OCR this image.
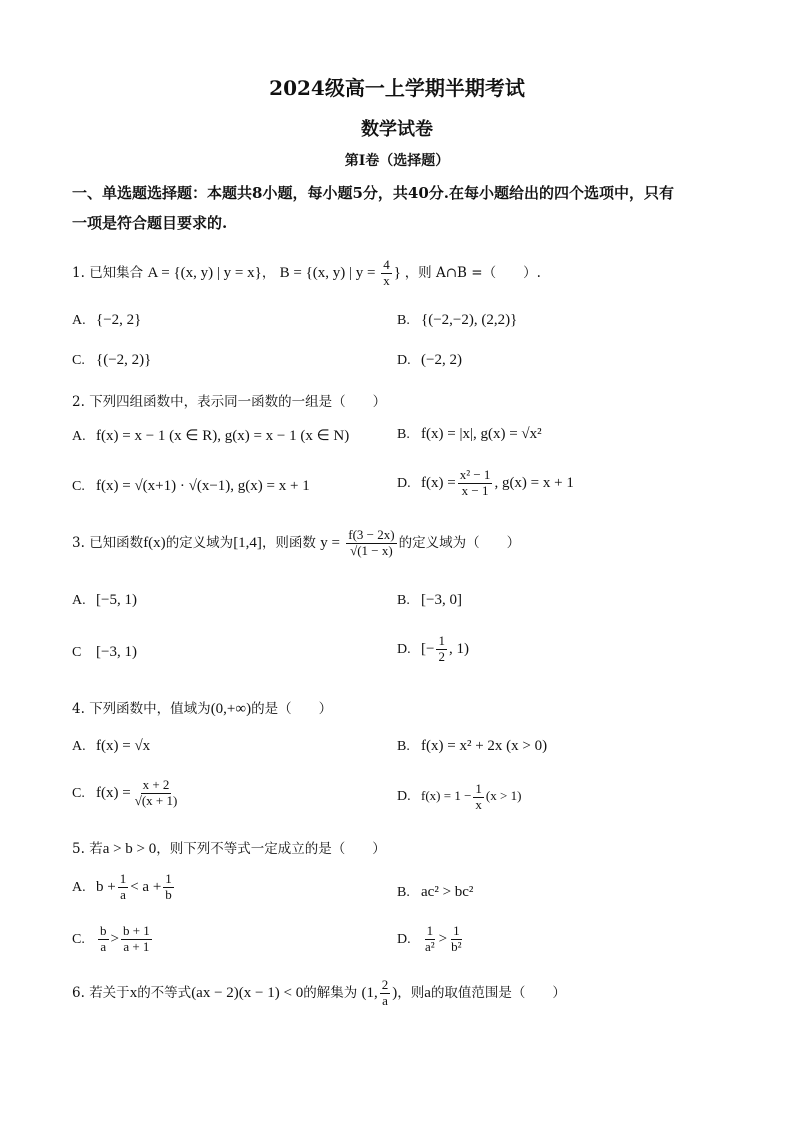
2024级高一上学期半期考试
数学试卷
第Ⅰ卷（选择题）
一、单选题选择题：本题共8小题，每小题5分，共40分.在每小题给出的四个选项中，只有
一项是符合题目要求的.
1. 已知集合 A = {(x, y) | y = x}， B = {(x, y) | $y = \frac{4}{x}$ } ，则 A∩B =（　　）.
A. {−2, 2}	B. {(−2,−2), (2,2)}
C. {(−2, 2)}	D. (−2, 2)
2. 下列四组函数中，表示同一函数的一组是（　　）
A. f(x) = x − 1 (x ∈ R), g(x) = x − 1 (x ∈ N)	B. f(x) = |x|, g(x) = √x²
C. f(x) = √(x+1) · √(x−1), g(x) = x + 1	D. $f(x) = \frac{\text{x² − 1}}{x - 1}$ , g(x) = x + 1
3. 已知函数f(x)的定义域为[1,4]，则函数 $y = \frac{f(3 - 2x)}{√(1 - x)}$ 的定义域为（　　）
A. [−5, 1)	B. [−3, 0]
C [−3, 1)	D. [− $\frac{1}{2}$ , 1)
4. 下列函数中，值域为(0,+∞)的是（　　）
A. f(x) = √x	B. f(x) = x² + 2x (x > 0)
C. $f(x) = \frac{x + 2}{√(x + 1)}$	D. $f(x) = 1 - \frac{1}{x} (x > 1)$
5. 若a > b > 0，则下列不等式一定成立的是（　　）
A. $b + \frac{1}{a} < a + \frac{1}{b}$	B. ac² > bc²
C. $\frac{b}{a} > \frac{b + 1}{a + 1}$	D. $\frac{1}{\text{a²}} > \frac{1}{\text{b²}}$
6. 若关于x的不等式(ax − 2)(x − 1) < 0的解集为 (1, $\frac{2}{a}$ )，则a的取值范围是（　　）
